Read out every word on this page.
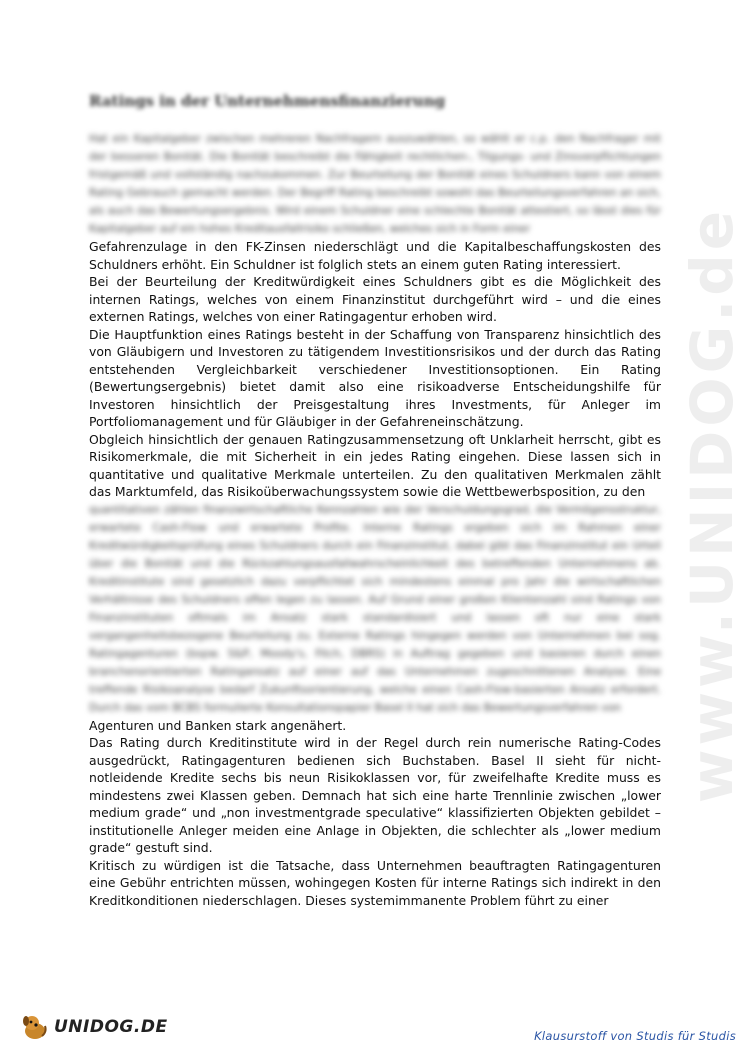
www.UNIDOG.de
Ratings in der Unternehmensfinanzierung

Hat ein Kapitalgeber zwischen mehreren Nachfragern auszuwählen, so wählt er c.p. den Nachfrager mit der besseren Bonität. Die Bonität beschreibt die Fähigkeit rechtlichen-, Tilgungs- und Zinsverpflichtungen fristgemäß und vollständig nachzukommen. Zur Beurteilung der Bonität eines Schuldners kann von einem Rating Gebrauch gemacht werden. Der Begriff Rating beschreibt sowohl das Beurteilungsverfahren an sich, als auch das Bewertungsergebnis. Wird einem Schuldner eine schlechte Bonität attestiert, so lässt dies für Kapitalgeber auf ein hohes Kreditausfallrisiko schließen, welches sich in Form einer

Gefahrenzulage in den FK-Zinsen niederschlägt und die Kapitalbeschaffungskosten des Schuldners erhöht. Ein Schuldner ist folglich stets an einem guten Rating interessiert.

Bei der Beurteilung der Kreditwürdigkeit eines Schuldners gibt es die Möglichkeit des internen Ratings, welches von einem Finanzinstitut durchgeführt wird – und die eines externen Ratings, welches von einer Ratingagentur erhoben wird.

Die Hauptfunktion eines Ratings besteht in der Schaffung von Transparenz hinsichtlich des von Gläubigern und Investoren zu tätigendem Investitionsrisikos und der durch das Rating entstehenden Vergleichbarkeit verschiedener Investitionsoptionen. Ein Rating (Bewertungsergebnis) bietet damit also eine risikoadverse Entscheidungshilfe für Investoren hinsichtlich der Preisgestaltung ihres Investments, für Anleger im Portfoliomanagement und für Gläubiger in der Gefahreneinschätzung.

Obgleich hinsichtlich der genauen Ratingzusammensetzung oft Unklarheit herrscht, gibt es Risikomerkmale, die mit Sicherheit in ein jedes Rating eingehen. Diese lassen sich in quantitative und qualitative Merkmale unterteilen. Zu den qualitativen Merkmalen zählt das Marktumfeld, das Risikoüberwachungssystem sowie die Wettbewerbsposition, zu den

quantitativen zählen finanzwirtschaftliche Kennzahlen wie der Verschuldungsgrad, die Vermögensstruktur, erwartete Cash-Flow und erwartete Profite. Interne Ratings ergeben sich im Rahmen einer Kreditwürdigkeitsprüfung eines Schuldners durch ein Finanzinstitut, dabei gibt das Finanzinstitut ein Urteil über die Bonität und die Rückzahlungsausfallwahrscheinlichkeit des betreffenden Unternehmens ab. Kreditinstitute sind gesetzlich dazu verpflichtet sich mindestens einmal pro Jahr die wirtschaftlichen Verhältnisse des Schuldners offen legen zu lassen. Auf Grund einer großen Klientenzahl sind Ratings von Finanzinstituten oftmals im Ansatz stark standardisiert und lassen oft nur eine stark vergangenheitsbezogene Beurteilung zu. Externe Ratings hingegen werden von Unternehmen bei sog. Ratingagenturen (bspw. S&P, Moody's, Fitch, DBRS) in Auftrag gegeben und basieren durch einen branchenorientierten Ratingansatz auf einer auf das Unternehmen zugeschnittenen Analyse. Eine treffende Risikoanalyse bedarf Zukunftsorientierung, welche einen Cash-Flow-basierten Ansatz erfordert. Durch das vom BCBS formulierte Konsultationspapier Basel II hat sich das Bewertungsverfahren von

Agenturen und Banken stark angenähert.

Das Rating durch Kreditinstitute wird in der Regel durch rein numerische Rating-Codes ausgedrückt, Ratingagenturen bedienen sich Buchstaben. Basel II sieht für nicht-notleidende Kredite sechs bis neun Risikoklassen vor, für zweifelhafte Kredite muss es mindestens zwei Klassen geben. Demnach hat sich eine harte Trennlinie zwischen „lower medium grade“ und „non investmentgrade speculative“ klassifizierten Objekten gebildet – institutionelle Anleger meiden eine Anlage in Objekten, die schlechter als „lower medium grade“ gestuft sind.

Kritisch zu würdigen ist die Tatsache, dass Unternehmen beauftragten Ratingagenturen eine Gebühr entrichten müssen, wohingegen Kosten für interne Ratings sich indirekt in den Kreditkonditionen niederschlagen. Dieses systemimmanente Problem führt zu einer

UNIDOG.DE	Klausurstoff von Studis für Studis
